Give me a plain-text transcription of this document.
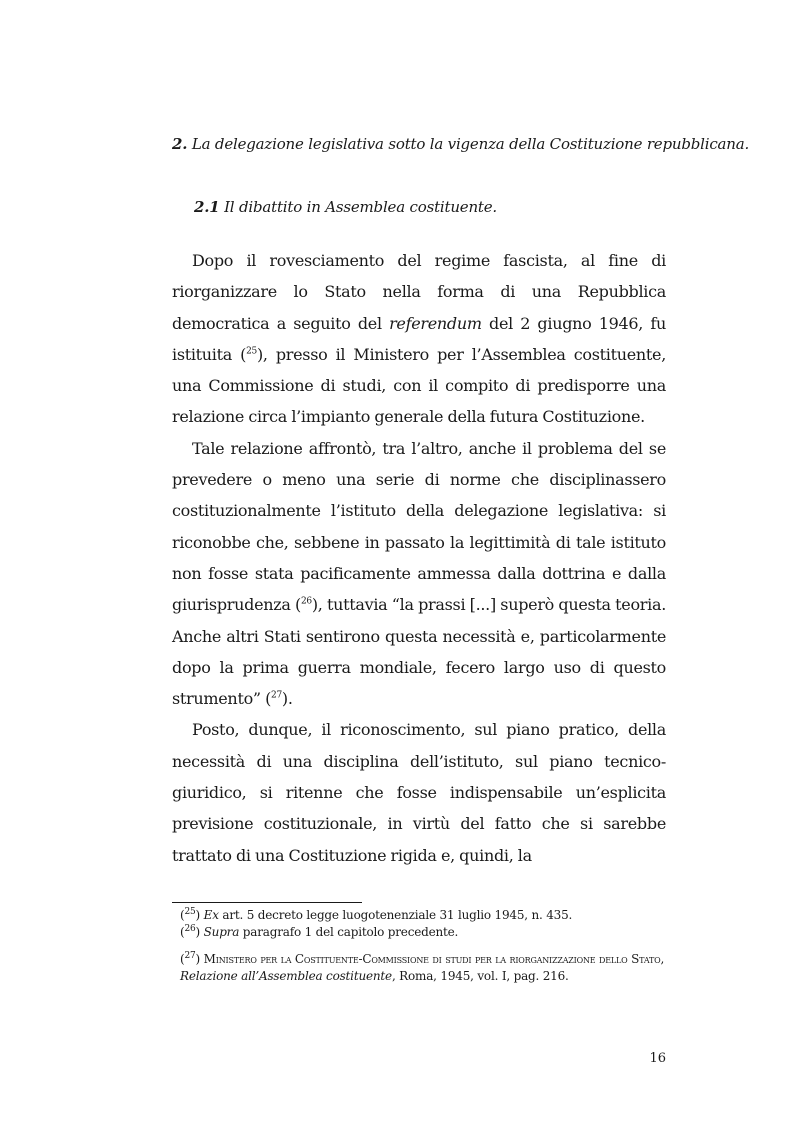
2. La delegazione legislativa sotto la vigenza della Costituzione repubblicana.
2.1 Il dibattito in Assemblea costituente.

Dopo il rovesciamento del regime fascista, al fine di riorganizzare lo Stato nella forma di una Repubblica democratica a seguito del referendum del 2 giugno 1946, fu istituita ($^{25}$), presso il Ministero per l’Assemblea costituente, una Commissione di studi, con il compito di predisporre una relazione circa l’impianto generale della futura Costituzione.

Tale relazione affrontò, tra l’altro, anche il problema del se prevedere o meno una serie di norme che disciplinassero costituzionalmente l’istituto della delegazione legislativa: si riconobbe che, sebbene in passato la legittimità di tale istituto non fosse stata pacificamente ammessa dalla dottrina e dalla giurisprudenza ($^{26}$), tuttavia “la prassi [...] superò questa teoria. Anche altri Stati sentirono questa necessità e, particolarmente dopo la prima guerra mondiale, fecero largo uso di questo strumento” ($^{27}$).

Posto, dunque, il riconoscimento, sul piano pratico, della necessità di una disciplina dell’istituto, sul piano tecnico-giuridico, si ritenne che fosse indispensabile un’esplicita previsione costituzionale, in virtù del fatto che si sarebbe trattato di una Costituzione rigida e, quindi, la

($^{25}$) Ex art. 5 decreto legge luogotenenziale 31 luglio 1945, n. 435.

($^{26}$) Supra paragrafo 1 del capitolo precedente.

($^{27}$) Ministero per la Costituente-Commissione di studi per la riorganizzazione dello Stato, Relazione all’Assemblea costituente, Roma, 1945, vol. I, pag. 216.

16
